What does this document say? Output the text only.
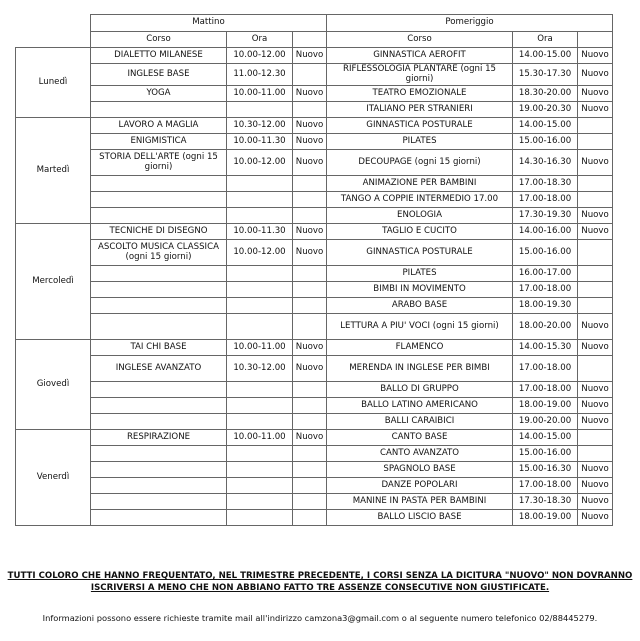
	Mattino			Pomeriggio		
	Corso	Ora		Corso	Ora	
Lunedì	DIALETTO MILANESE	10.00-12.00	Nuovo	GINNASTICA AEROFIT	14.00-15.00	Nuovo
	INGLESE BASE	11.00-12.30		RIFLESSOLOGIA PLANTARE (ogni 15 giorni)	15.30-17.30	Nuovo
	YOGA	10.00-11.00	Nuovo	TEATRO EMOZIONALE	18.30-20.00	Nuovo
				ITALIANO PER STRANIERI	19.00-20.30	Nuovo
Martedì	LAVORO A MAGLIA	10.30-12.00	Nuovo	GINNASTICA POSTURALE	14.00-15.00	
	ENIGMISTICA	10.00-11.30	Nuovo	PILATES	15.00-16.00	
	STORIA DELL'ARTE (ogni 15 giorni)	10.00-12.00	Nuovo	DECOUPAGE (ogni 15 giorni)	14.30-16.30	Nuovo
				ANIMAZIONE PER BAMBINI	17.00-18.30	
				TANGO A COPPIE INTERMEDIO 17.00	17.00-18.00	
				ENOLOGIA	17.30-19.30	Nuovo
Mercoledì	TECNICHE DI DISEGNO	10.00-11.30	Nuovo	TAGLIO E CUCITO	14.00-16.00	Nuovo
	ASCOLTO MUSICA CLASSICA (ogni 15 giorni)	10.00-12.00	Nuovo	GINNASTICA POSTURALE	15.00-16.00	
				PILATES	16.00-17.00	
				BIMBI IN MOVIMENTO	17.00-18.00	
				ARABO BASE	18.00-19.30	
				LETTURA A PIU' VOCI (ogni 15 giorni)	18.00-20.00	Nuovo
Giovedì	TAI CHI BASE	10.00-11.00	Nuovo	FLAMENCO	14.00-15.30	Nuovo
	INGLESE AVANZATO	10.30-12.00	Nuovo	MERENDA IN INGLESE PER BIMBI	17.00-18.00	
				BALLO DI GRUPPO	17.00-18.00	Nuovo
				BALLO LATINO AMERICANO	18.00-19.00	Nuovo
				BALLI CARAIBICI	19.00-20.00	Nuovo
Venerdì	RESPIRAZIONE	10.00-11.00	Nuovo	CANTO BASE	14.00-15.00	
				CANTO AVANZATO	15.00-16.00	
				SPAGNOLO BASE	15.00-16.30	Nuovo
				DANZE POPOLARI	17.00-18.00	Nuovo
				MANINE IN PASTA PER BAMBINI	17.30-18.30	Nuovo
				BALLO LISCIO BASE	18.00-19.00	Nuovo
TUTTI COLORO CHE HANNO FREQUENTATO, NEL TRIMESTRE PRECEDENTE, I CORSI SENZA LA DICITURA "NUOVO" NON DOVRANNO ISCRIVERSI A MENO CHE NON ABBIANO FATTO TRE ASSENZE CONSECUTIVE NON GIUSTIFICATE.
Informazioni possono essere richieste tramite mail all'indirizzo camzona3@gmail.com o al seguente numero telefonico 02/88445279.
